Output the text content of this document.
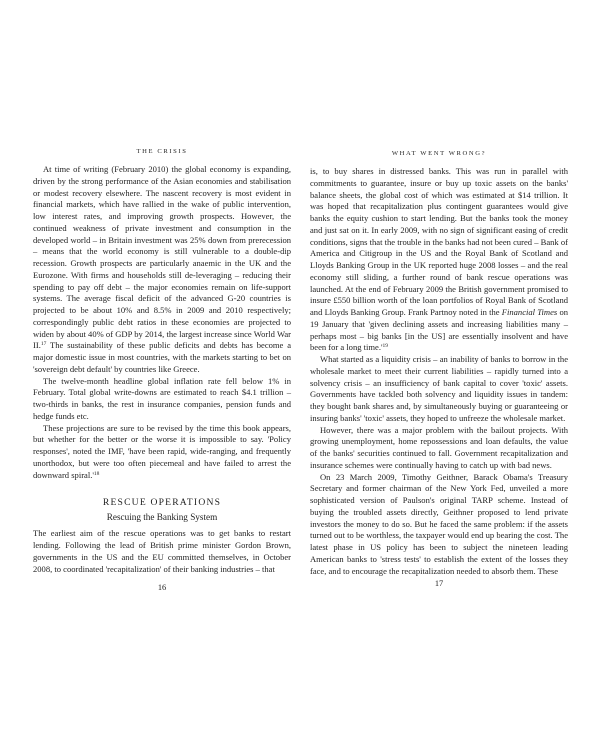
THE CRISIS

At time of writing (February 2010) the global economy is expanding, driven by the strong performance of the Asian economies and stabilisation or modest recovery elsewhere. The nascent recovery is most evident in financial markets, which have rallied in the wake of public intervention, low interest rates, and improving growth prospects. However, the continued weakness of private investment and consumption in the developed world – in Britain investment was 25% down from prerecession – means that the world economy is still vulnerable to a double-dip recession. Growth prospects are particularly anaemic in the UK and the Eurozone. With firms and households still de-leveraging – reducing their spending to pay off debt – the major economies remain on life-support systems. The average fiscal deficit of the advanced G-20 countries is projected to be about 10% and 8.5% in 2009 and 2010 respectively; correspondingly public debt ratios in these economies are projected to widen by about 40% of GDP by 2014, the largest increase since World War II.$^{17}$ The sustainability of these public deficits and debts has become a major domestic issue in most countries, with the markets starting to bet on 'sovereign debt default' by countries like Greece.

The twelve-month headline global inflation rate fell below 1% in February. Total global write-downs are estimated to reach $4.1 trillion – two-thirds in banks, the rest in insurance companies, pension funds and hedge funds etc.

These projections are sure to be revised by the time this book appears, but whether for the better or the worse it is impossible to say. 'Policy responses', noted the IMF, 'have been rapid, wide-ranging, and frequently unorthodox, but were too often piecemeal and have failed to arrest the downward $spiral.'^{18}$

RESCUE OPERATIONS
Rescuing the Banking System

The earliest aim of the rescue operations was to get banks to restart lending. Following the lead of British prime minister Gordon Brown, governments in the US and the EU committed themselves, in October 2008, to coordinated 'recapitalization' of their banking industries – that

16
WHAT WENT WRONG?

is, to buy shares in distressed banks. This was run in parallel with commitments to guarantee, insure or buy up toxic assets on the banks' balance sheets, the global cost of which was estimated at $14 trillion. It was hoped that recapitalization plus contingent guarantees would give banks the equity cushion to start lending. But the banks took the money and just sat on it. In early 2009, with no sign of significant easing of credit conditions, signs that the trouble in the banks had not been cured – Bank of America and Citigroup in the US and the Royal Bank of Scotland and Lloyds Banking Group in the UK reported huge 2008 losses – and the real economy still sliding, a further round of bank rescue operations was launched. At the end of February 2009 the British government promised to insure £550 billion worth of the loan portfolios of Royal Bank of Scotland and Lloyds Banking Group. Frank Partnoy noted in the Financial Times on 19 January that 'given declining assets and increasing liabilities many – perhaps most – big banks [in the US] are essentially insolvent and have been for a long $time.'^{19}$

What started as a liquidity crisis – an inability of banks to borrow in the wholesale market to meet their current liabilities – rapidly turned into a solvency crisis – an insufficiency of bank capital to cover 'toxic' assets. Governments have tackled both solvency and liquidity issues in tandem: they bought bank shares and, by simultaneously buying or guaranteeing or insuring banks' 'toxic' assets, they hoped to unfreeze the wholesale market.

However, there was a major problem with the bailout projects. With growing unemployment, home repossessions and loan defaults, the value of the banks' securities continued to fall. Government recapitalization and insurance schemes were continually having to catch up with bad news.

On 23 March 2009, Timothy Geithner, Barack Obama's Treasury Secretary and former chairman of the New York Fed, unveiled a more sophisticated version of Paulson's original TARP scheme. Instead of buying the troubled assets directly, Geithner proposed to lend private investors the money to do so. But he faced the same problem: if the assets turned out to be worthless, the taxpayer would end up bearing the cost. The latest phase in US policy has been to subject the nineteen leading American banks to 'stress tests' to establish the extent of the losses they face, and to encourage the recapitalization needed to absorb them. These

17
